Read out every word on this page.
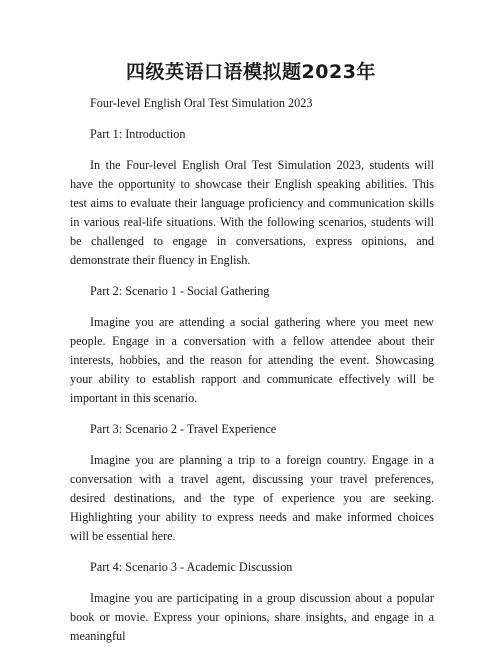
四级英语口语模拟题2023年

Four-level English Oral Test Simulation 2023

Part 1: Introduction

In the Four-level English Oral Test Simulation 2023, students will have the opportunity to showcase their English speaking abilities. This test aims to evaluate their language proficiency and communication skills in various real-life situations. With the following scenarios, students will be challenged to engage in conversations, express opinions, and demonstrate their fluency in English.

Part 2: Scenario 1 - Social Gathering

Imagine you are attending a social gathering where you meet new people. Engage in a conversation with a fellow attendee about their interests, hobbies, and the reason for attending the event. Showcasing your ability to establish rapport and communicate effectively will be important in this scenario.

Part 3: Scenario 2 - Travel Experience

Imagine you are planning a trip to a foreign country. Engage in a conversation with a travel agent, discussing your travel preferences, desired destinations, and the type of experience you are seeking. Highlighting your ability to express needs and make informed choices will be essential here.

Part 4: Scenario 3 - Academic Discussion

Imagine you are participating in a group discussion about a popular book or movie. Express your opinions, share insights, and engage in a meaningful
